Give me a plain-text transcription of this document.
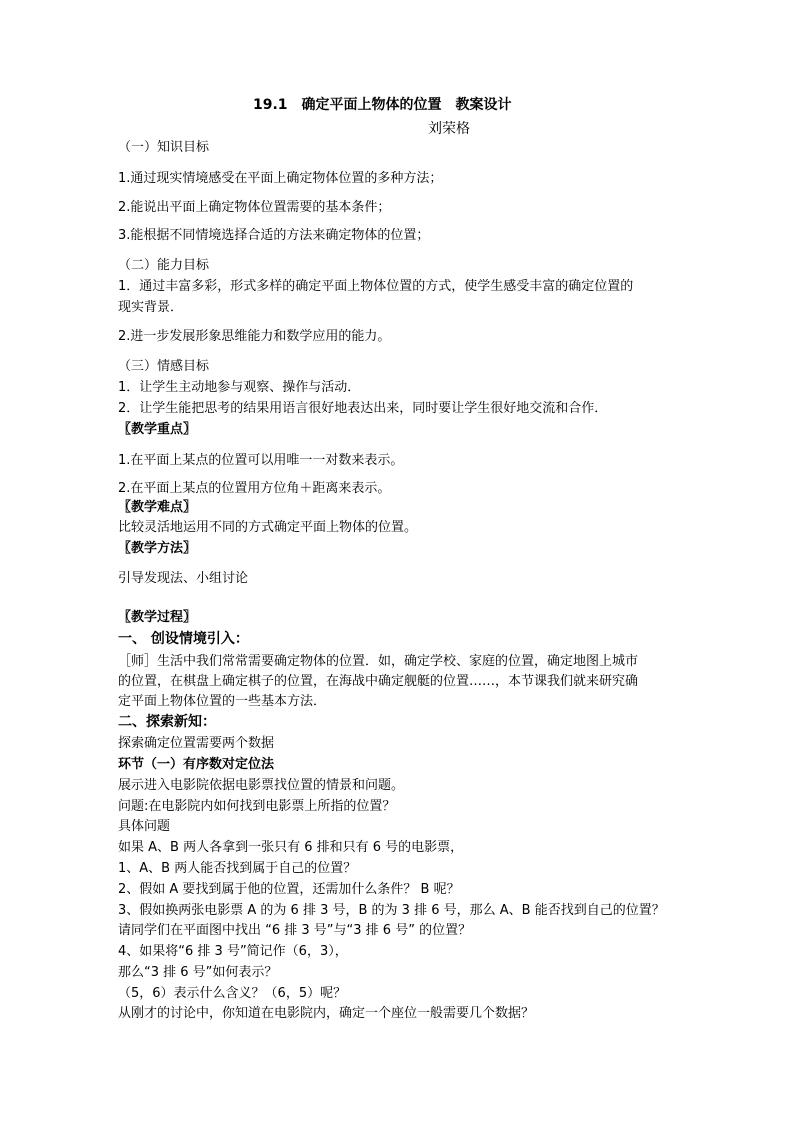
19.1　确定平面上物体的位置　教案设计
刘荣格
（一）知识目标
1.通过现实情境感受在平面上确定物体位置的多种方法；
2.能说出平面上确定物体位置需要的基本条件；
3.能根据不同情境选择合适的方法来确定物体的位置；
（二）能力目标
1．通过丰富多彩，形式多样的确定平面上物体位置的方式，使学生感受丰富的确定位置的
现实背景．
2.进一步发展形象思维能力和数学应用的能力。
（三）情感目标
1．让学生主动地参与观察、操作与活动．
2．让学生能把思考的结果用语言很好地表达出来，同时要让学生很好地交流和合作．
〖教学重点〗
1.在平面上某点的位置可以用唯一一对数来表示。
2.在平面上某点的位置用方位角＋距离来表示。
〖教学难点〗
比较灵活地运用不同的方式确定平面上物体的位置。
〖教学方法〗
引导发现法、小组讨论
〖教学过程〗
一、 创设情境引入：
［师］生活中我们常常需要确定物体的位置．如，确定学校、家庭的位置，确定地图上城市
的位置，在棋盘上确定棋子的位置，在海战中确定舰艇的位置……，本节课我们就来研究确
定平面上物体位置的一些基本方法．
二、探索新知：
探索确定位置需要两个数据
环节（一）有序数对定位法
展示进入电影院依据电影票找位置的情景和问题。
问题:在电影院内如何找到电影票上所指的位置？
具体问题
如果 A、B 两人各拿到一张只有 6 排和只有 6 号的电影票，
1、A、B 两人能否找到属于自己的位置？
2、假如 A 要找到属于他的位置，还需加什么条件？ B 呢？
3、假如换两张电影票 A 的为 6 排 3 号，B 的为 3 排 6 号，那么 A、B 能否找到自己的位置？
请同学们在平面图中找出 “6 排 3 号”与“3 排 6 号” 的位置？
4、如果将“6 排 3 号”简记作（6，3），
那么“3 排 6 号”如何表示？
（5，6）表示什么含义？（6，5）呢？
从刚才的讨论中，你知道在电影院内，确定一个座位一般需要几个数据？
